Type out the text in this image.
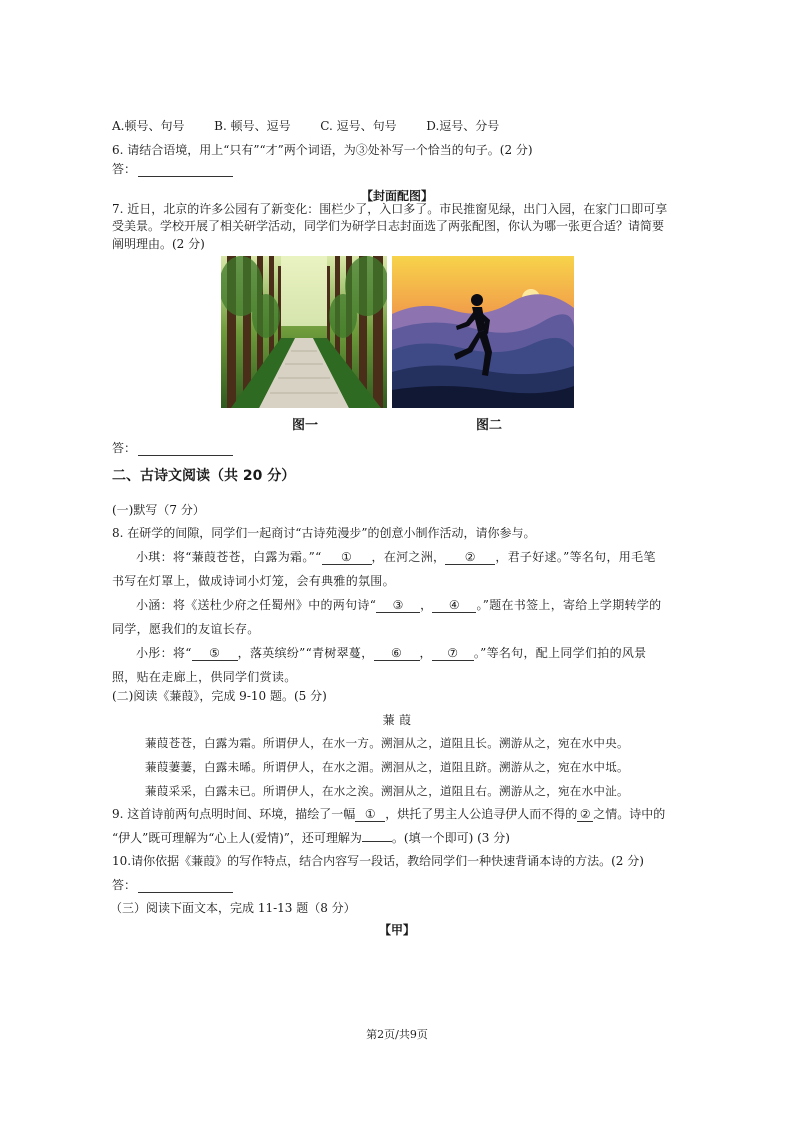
A.顿号、句号 B. 顿号、逗号 C. 逗号、句号 D.逗号、分号
6. 请结合语境，用上“只有”“才”两个词语，为③处补写一个恰当的句子。(2 分)
答：
【封面配图】
7. 近日，北京的许多公园有了新变化：围栏少了，入口多了。市民推窗见绿，出门入园，在家门口即可享
受美景。学校开展了相关研学活动，同学们为研学日志封面选了两张配图，你认为哪一张更合适？请简要
阐明理由。(2 分)
图一	图二
答：
二、古诗文阅读（共 20 分）
(一)默写（7 分）
8. 在研学的间隙，同学们一起商讨“古诗苑漫步”的创意小制作活动，请你参与。
小琪：将“蒹葭苍苍，白露为霜。”“ ① ，在河之洲， ② ，君子好逑。”等名句，用毛笔
书写在灯罩上，做成诗词小灯笼，会有典雅的氛围。
小涵：将《送杜少府之任蜀州》中的两句诗“ ③ ， ④ 。”题在书签上，寄给上学期转学的
同学，愿我们的友谊长存。
小彤：将“ ⑤ ，落英缤纷”“青树翠蔓， ⑥ ， ⑦ 。”等名句，配上同学们拍的风景
照，贴在走廊上，供同学们赏读。
(二)阅读《蒹葭》，完成 9-10 题。(5 分)
蒹 葭
蒹葭苍苍，白露为霜。所谓伊人，在水一方。溯洄从之，道阻且长。溯游从之，宛在水中央。
蒹葭萋萋，白露未晞。所谓伊人，在水之湄。溯洄从之，道阻且跻。溯游从之，宛在水中坻。
蒹葭采采，白露未已。所谓伊人，在水之涘。溯洄从之，道阻且右。溯游从之，宛在水中沚。
9. 这首诗前两句点明时间、环境，描绘了一幅 ① ，烘托了男主人公追寻伊人而不得的 ② 之情。诗中的
“伊人”既可理解为“心上人(爱情)”，还可理解为	。(填一个即可) (3 分)
10.请你依据《蒹葭》的写作特点，结合内容写一段话，教给同学们一种快速背诵本诗的方法。(2 分)
答：
（三）阅读下面文本，完成 11-13 题（8 分）
【甲】
第2页/共9页
